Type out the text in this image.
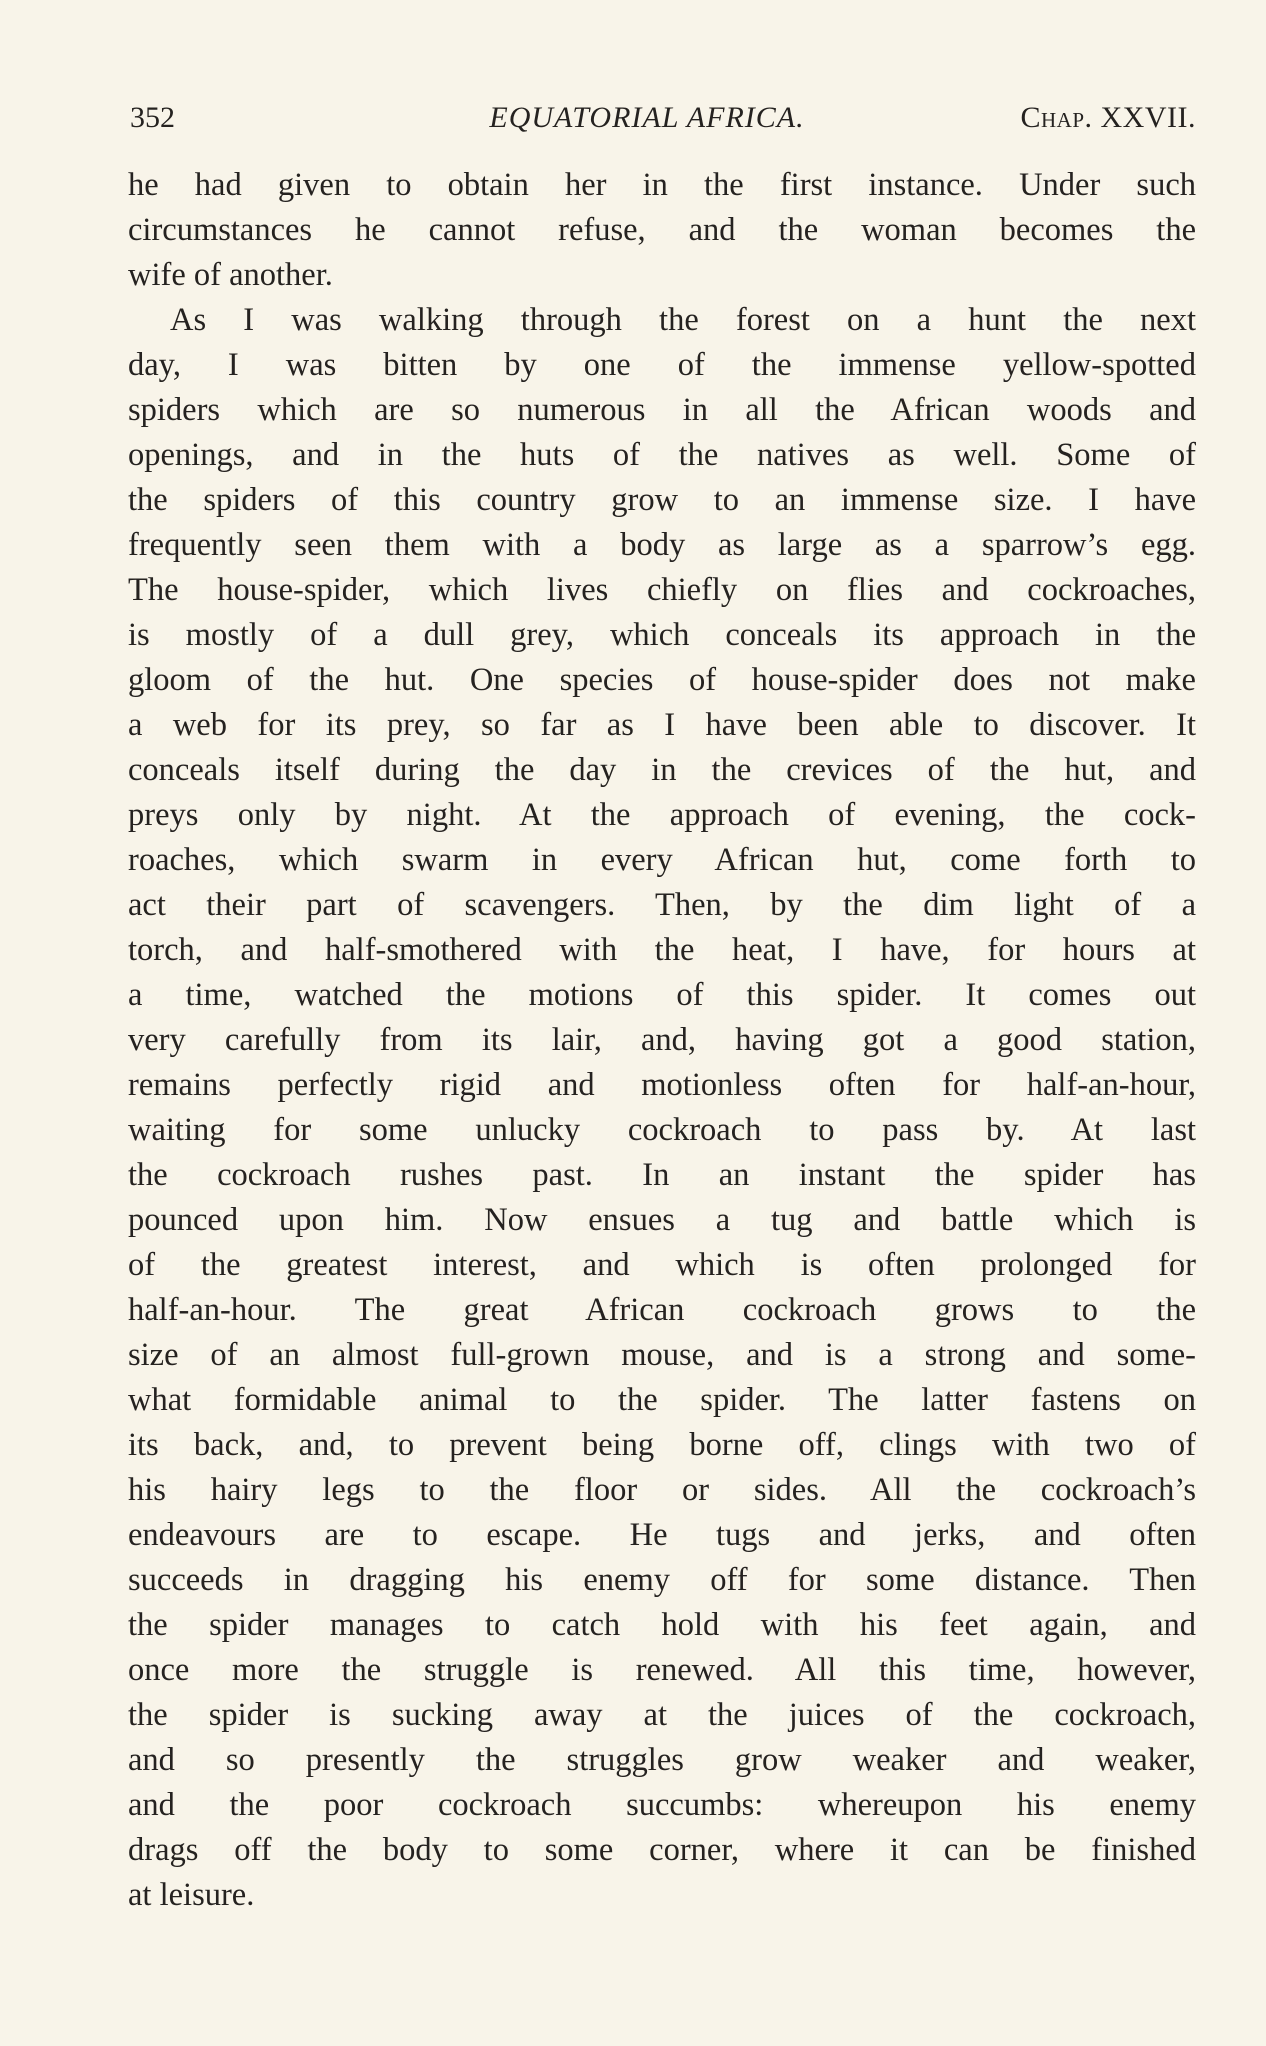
352	EQUATORIAL AFRICA.	Chap. XXVII.
he had given to obtain her in the first instance. Under such
circumstances he cannot refuse, and the woman becomes the
wife of another.
As I was walking through the forest on a hunt the next
day, I was bitten by one of the immense yellow-spotted
spiders which are so numerous in all the African woods and
openings, and in the huts of the natives as well. Some of
the spiders of this country grow to an immense size. I have
frequently seen them with a body as large as a sparrow’s egg.
The house-spider, which lives chiefly on flies and cockroaches,
is mostly of a dull grey, which conceals its approach in the
gloom of the hut. One species of house-spider does not make
a web for its prey, so far as I have been able to discover. It
conceals itself during the day in the crevices of the hut, and
preys only by night. At the approach of evening, the cock-
roaches, which swarm in every African hut, come forth to
act their part of scavengers. Then, by the dim light of a
torch, and half-smothered with the heat, I have, for hours at
a time, watched the motions of this spider. It comes out
very carefully from its lair, and, having got a good station,
remains perfectly rigid and motionless often for half-an-hour,
waiting for some unlucky cockroach to pass by. At last
the cockroach rushes past. In an instant the spider has
pounced upon him. Now ensues a tug and battle which is
of the greatest interest, and which is often prolonged for
half-an-hour. The great African cockroach grows to the
size of an almost full-grown mouse, and is a strong and some-
what formidable animal to the spider. The latter fastens on
its back, and, to prevent being borne off, clings with two of
his hairy legs to the floor or sides. All the cockroach’s
endeavours are to escape. He tugs and jerks, and often
succeeds in dragging his enemy off for some distance. Then
the spider manages to catch hold with his feet again, and
once more the struggle is renewed. All this time, however,
the spider is sucking away at the juices of the cockroach,
and so presently the struggles grow weaker and weaker,
and the poor cockroach succumbs: whereupon his enemy
drags off the body to some corner, where it can be finished
at leisure.
